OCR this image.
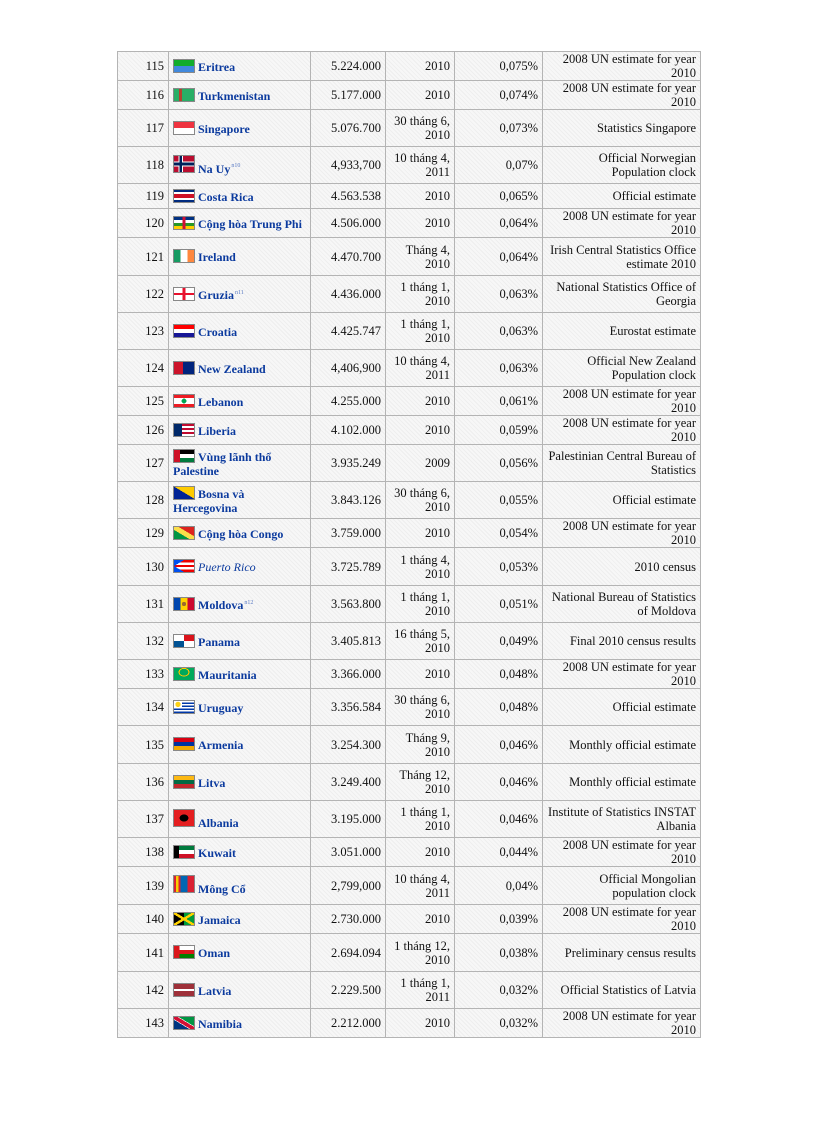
115	Eritrea	5.224.000	2010	0,075%	2008 UN estimate for year 2010
116	Turkmenistan	5.177.000	2010	0,074%	2008 UN estimate for year 2010
117	Singapore	5.076.700	30 tháng 6, 2010	0,073%	Statistics Singapore
118	Na Uy$^{n10}$	4,933,700	10 tháng 4, 2011	0,07%	Official Norwegian Population clock
119	Costa Rica	4.563.538	2010	0,065%	Official estimate
120	Cộng hòa Trung Phi	4.506.000	2010	0,064%	2008 UN estimate for year 2010
121	Ireland	4.470.700	Tháng 4, 2010	0,064%	Irish Central Statistics Office estimate 2010
122	Gruzia$^{n11}$	4.436.000	1 tháng 1, 2010	0,063%	National Statistics Office of Georgia
123	Croatia	4.425.747	1 tháng 1, 2010	0,063%	Eurostat estimate
124	New Zealand	4,406,900	10 tháng 4, 2011	0,063%	Official New Zealand Population clock
125	Lebanon	4.255.000	2010	0,061%	2008 UN estimate for year 2010
126	Liberia	4.102.000	2010	0,059%	2008 UN estimate for year 2010
127	Vùng lãnh thổ Palestine	3.935.249	2009	0,056%	Palestinian Central Bureau of Statistics
128	Bosna và Hercegovina	3.843.126	30 tháng 6, 2010	0,055%	Official estimate
129	Cộng hòa Congo	3.759.000	2010	0,054%	2008 UN estimate for year 2010
130	Puerto Rico	3.725.789	1 tháng 4, 2010	0,053%	2010 census
131	Moldova$^{n12}$	3.563.800	1 tháng 1, 2010	0,051%	National Bureau of Statistics of Moldova
132	Panama	3.405.813	16 tháng 5, 2010	0,049%	Final 2010 census results
133	Mauritania	3.366.000	2010	0,048%	2008 UN estimate for year 2010
134	Uruguay	3.356.584	30 tháng 6, 2010	0,048%	Official estimate
135	Armenia	3.254.300	Tháng 9, 2010	0,046%	Monthly official estimate
136	Litva	3.249.400	Tháng 12, 2010	0,046%	Monthly official estimate
137	Albania	3.195.000	1 tháng 1, 2010	0,046%	Institute of Statistics INSTAT Albania
138	Kuwait	3.051.000	2010	0,044%	2008 UN estimate for year 2010
139	Mông Cổ	2,799,000	10 tháng 4, 2011	0,04%	Official Mongolian population clock
140	Jamaica	2.730.000	2010	0,039%	2008 UN estimate for year 2010
141	Oman	2.694.094	1 tháng 12, 2010	0,038%	Preliminary census results
142	Latvia	2.229.500	1 tháng 1, 2011	0,032%	Official Statistics of Latvia
143	Namibia	2.212.000	2010	0,032%	2008 UN estimate for year 2010
